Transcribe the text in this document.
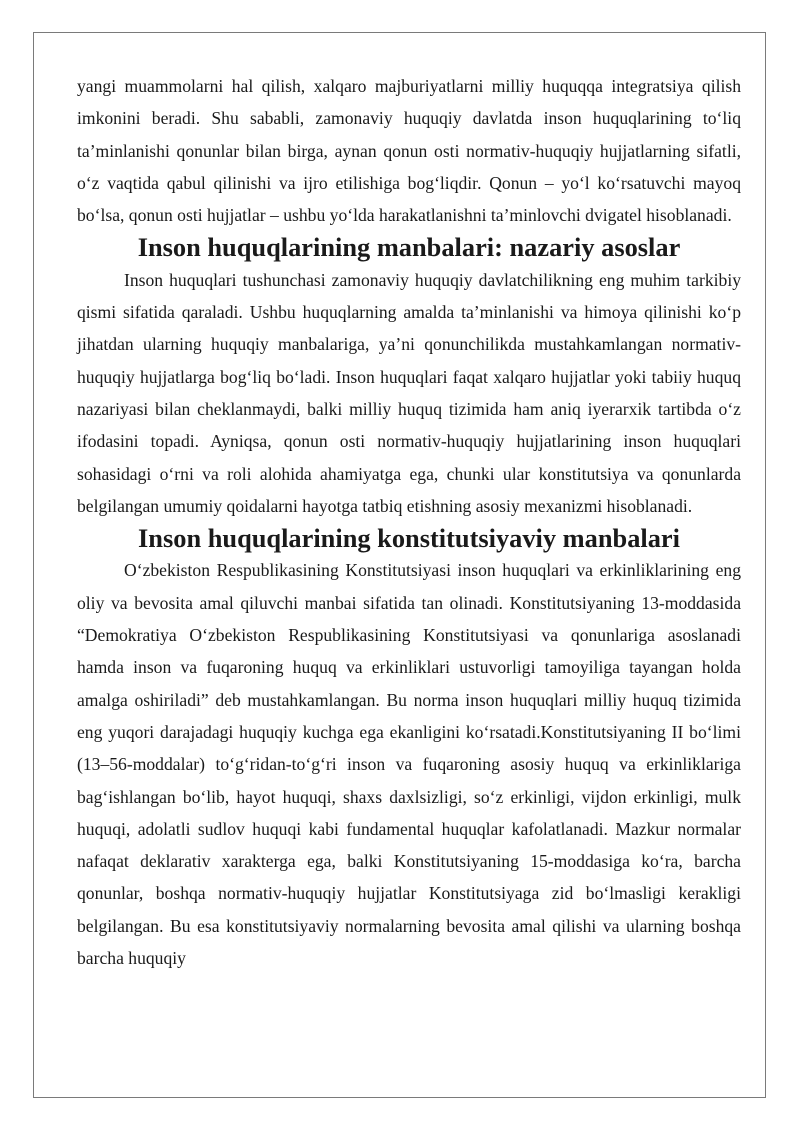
yangi muammolarni hal qilish, xalqaro majburiyatlarni milliy huquqqa integratsiya qilish imkonini beradi. Shu sababli, zamonaviy huquqiy davlatda inson huquqlarining to‘liq ta’minlanishi qonunlar bilan birga, aynan qonun osti normativ-huquqiy hujjatlarning sifatli, o‘z vaqtida qabul qilinishi va ijro etilishiga bog‘liqdir. Qonun – yo‘l ko‘rsatuvchi mayoq bo‘lsa, qonun osti hujjatlar – ushbu yo‘lda harakatlanishni ta’minlovchi dvigatel hisoblanadi.

Inson huquqlarining manbalari: nazariy asoslar

Inson huquqlari tushunchasi zamonaviy huquqiy davlatchilikning eng muhim tarkibiy qismi sifatida qaraladi. Ushbu huquqlarning amalda ta’minlanishi va himoya qilinishi ko‘p jihatdan ularning huquqiy manbalariga, ya’ni qonunchilikda mustahkamlangan normativ-huquqiy hujjatlarga bog‘liq bo‘ladi. Inson huquqlari faqat xalqaro hujjatlar yoki tabiiy huquq nazariyasi bilan cheklanmaydi, balki milliy huquq tizimida ham aniq iyerarxik tartibda o‘z ifodasini topadi. Ayniqsa, qonun osti normativ-huquqiy hujjatlarining inson huquqlari sohasidagi o‘rni va roli alohida ahamiyatga ega, chunki ular konstitutsiya va qonunlarda belgilangan umumiy qoidalarni hayotga tatbiq etishning asosiy mexanizmi hisoblanadi.

Inson huquqlarining konstitutsiyaviy manbalari

O‘zbekiston Respublikasining Konstitutsiyasi inson huquqlari va erkinliklarining eng oliy va bevosita amal qiluvchi manbai sifatida tan olinadi. Konstitutsiyaning 13-moddasida “Demokratiya O‘zbekiston Respublikasining Konstitutsiyasi va qonunlariga asoslanadi hamda inson va fuqaroning huquq va erkinliklari ustuvorligi tamoyiliga tayangan holda amalga oshiriladi” deb mustahkamlangan. Bu norma inson huquqlari milliy huquq tizimida eng yuqori darajadagi huquqiy kuchga ega ekanligini ko‘rsatadi.Konstitutsiyaning II bo‘limi (13–56-moddalar) to‘g‘ridan-to‘g‘ri inson va fuqaroning asosiy huquq va erkinliklariga bag‘ishlangan bo‘lib, hayot huquqi, shaxs daxlsizligi, so‘z erkinligi, vijdon erkinligi, mulk huquqi, adolatli sudlov huquqi kabi fundamental huquqlar kafolatlanadi. Mazkur normalar nafaqat deklarativ xarakterga ega, balki Konstitutsiyaning 15-moddasiga ko‘ra, barcha qonunlar, boshqa normativ-huquqiy hujjatlar Konstitutsiyaga zid bo‘lmasligi kerakligi belgilangan. Bu esa konstitutsiyaviy normalarning bevosita amal qilishi va ularning boshqa barcha huquqiy
